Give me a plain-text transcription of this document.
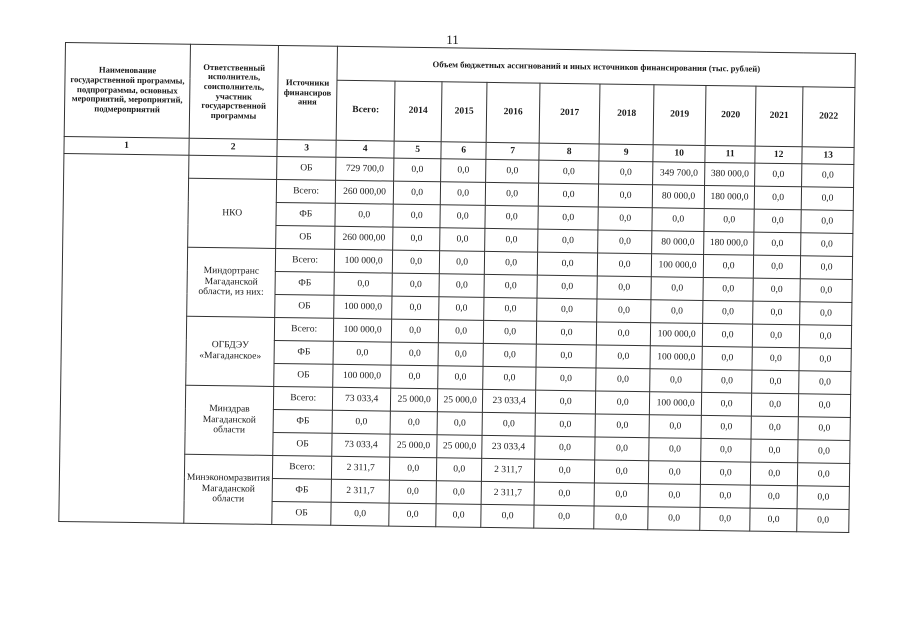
11
Наименование государственной программы, подпрограммы, основных мероприятий, мероприятий, подмероприятий	Ответственный исполнитель, соисполнитель, участник государственной программы	Источники финансиров ания	Объем бюджетных ассигнований и иных источников финансирования (тыс. рублей)									
			Всего:	2014	2015	2016	2017	2018	2019	2020	2021	2022
1	2	3	4	5	6	7	8	9	10	11	12	13
		ОБ	729 700,0	0,0	0,0	0,0	0,0	0,0	349 700,0	380 000,0	0,0	0,0
	НКО	Всего:	260 000,00	0,0	0,0	0,0	0,0	0,0	80 000,0	180 000,0	0,0	0,0
		ФБ	0,0	0,0	0,0	0,0	0,0	0,0	0,0	0,0	0,0	0,0
		ОБ	260 000,00	0,0	0,0	0,0	0,0	0,0	80 000,0	180 000,0	0,0	0,0
	Миндортранс Магаданской области, из них:	Всего:	100 000,0	0,0	0,0	0,0	0,0	0,0	100 000,0	0,0	0,0	0,0
		ФБ	0,0	0,0	0,0	0,0	0,0	0,0	0,0	0,0	0,0	0,0
		ОБ	100 000,0	0,0	0,0	0,0	0,0	0,0	0,0	0,0	0,0	0,0
	ОГБДЭУ «Магаданское»	Всего:	100 000,0	0,0	0,0	0,0	0,0	0,0	100 000,0	0,0	0,0	0,0
		ФБ	0,0	0,0	0,0	0,0	0,0	0,0	100 000,0	0,0	0,0	0,0
		ОБ	100 000,0	0,0	0,0	0,0	0,0	0,0	0,0	0,0	0,0	0,0
	Минздрав Магаданской области	Всего:	73 033,4	25 000,0	25 000,0	23 033,4	0,0	0,0	100 000,0	0,0	0,0	0,0
		ФБ	0,0	0,0	0,0	0,0	0,0	0,0	0,0	0,0	0,0	0,0
		ОБ	73 033,4	25 000,0	25 000,0	23 033,4	0,0	0,0	0,0	0,0	0,0	0,0
	Минэкономразвития Магаданской области	Всего:	2 311,7	0,0	0,0	2 311,7	0,0	0,0	0,0	0,0	0,0	0,0
		ФБ	2 311,7	0,0	0,0	2 311,7	0,0	0,0	0,0	0,0	0,0	0,0
		ОБ	0,0	0,0	0,0	0,0	0,0	0,0	0,0	0,0	0,0	0,0
